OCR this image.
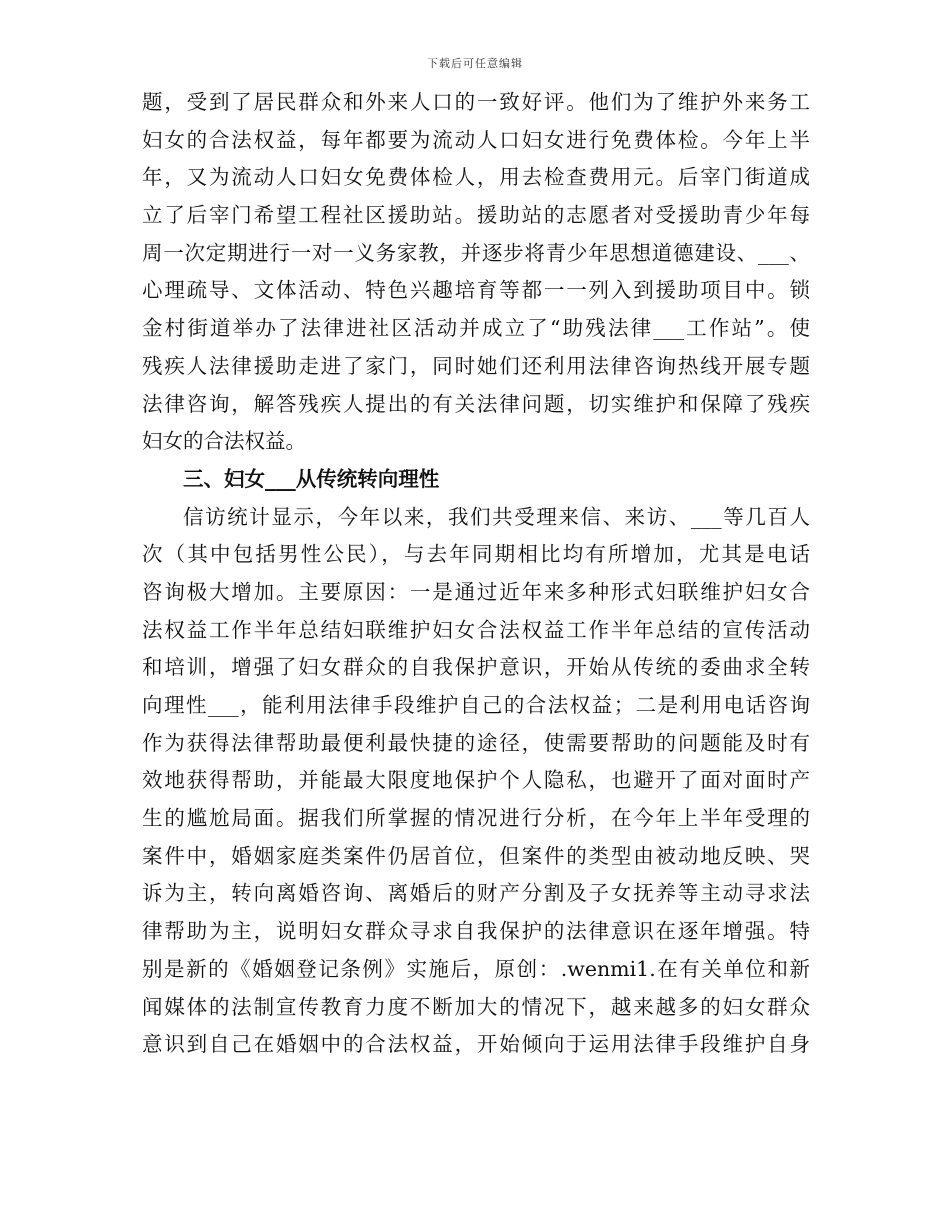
下载后可任意编辑
题，受到了居民群众和外来人口的一致好评。他们为了维护外来务工
妇女的合法权益，每年都要为流动人口妇女进行免费体检。今年上半
年，又为流动人口妇女免费体检人，用去检查费用元。后宰门街道成
立了后宰门希望工程社区援助站。援助站的志愿者对受援助青少年每
周一次定期进行一对一义务家教，并逐步将青少年思想道德建设、___、
心理疏导、文体活动、特色兴趣培育等都一一列入到援助项目中。锁
金村街道举办了法律进社区活动并成立了“助残法律___工作站”。使
残疾人法律援助走进了家门，同时她们还利用法律咨询热线开展专题
法律咨询，解答残疾人提出的有关法律问题，切实维护和保障了残疾
妇女的合法权益。
三、妇女___从传统转向理性
信访统计显示，今年以来，我们共受理来信、来访、___等几百人
次（其中包括男性公民），与去年同期相比均有所增加，尤其是电话
咨询极大增加。主要原因：一是通过近年来多种形式妇联维护妇女合
法权益工作半年总结妇联维护妇女合法权益工作半年总结的宣传活动
和培训，增强了妇女群众的自我保护意识，开始从传统的委曲求全转
向理性___，能利用法律手段维护自己的合法权益；二是利用电话咨询
作为获得法律帮助最便利最快捷的途径，使需要帮助的问题能及时有
效地获得帮助，并能最大限度地保护个人隐私，也避开了面对面时产
生的尴尬局面。据我们所掌握的情况进行分析，在今年上半年受理的
案件中，婚姻家庭类案件仍居首位，但案件的类型由被动地反映、哭
诉为主，转向离婚咨询、离婚后的财产分割及子女抚养等主动寻求法
律帮助为主，说明妇女群众寻求自我保护的法律意识在逐年增强。特
别是新的《婚姻登记条例》实施后，原创：.wenmi1.在有关单位和新
闻媒体的法制宣传教育力度不断加大的情况下，越来越多的妇女群众
意识到自己在婚姻中的合法权益，开始倾向于运用法律手段维护自身
